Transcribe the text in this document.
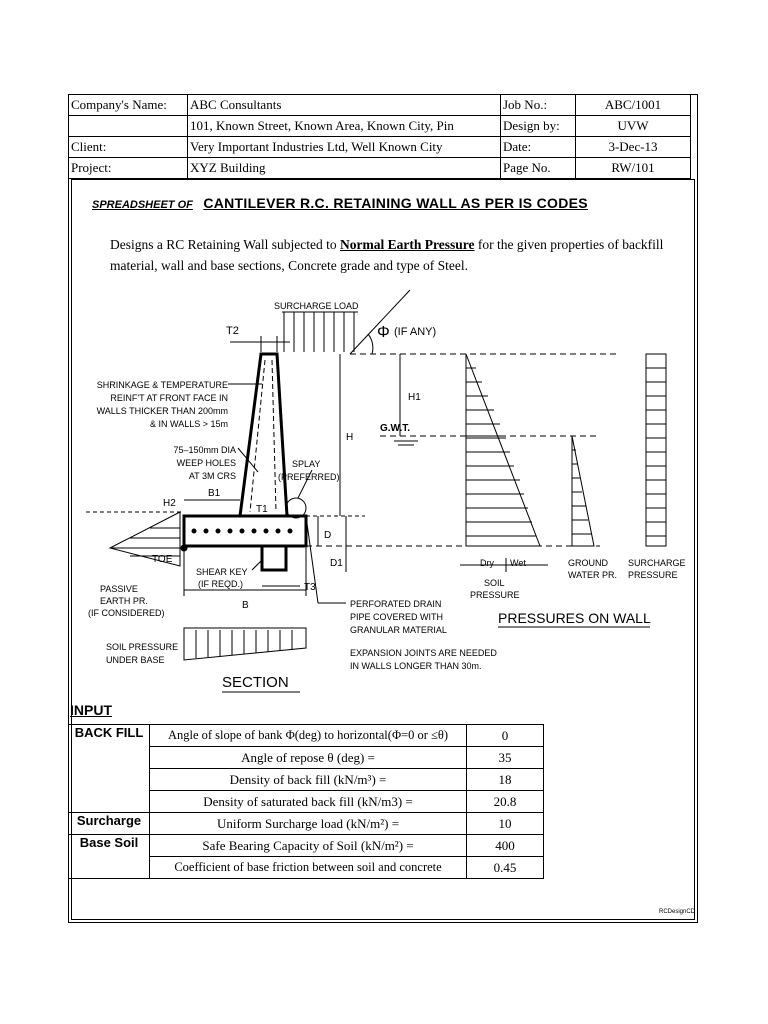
Company's Name:	ABC Consultants	Job No.:	ABC/1001
	101, Known Street, Known Area, Known City, Pin	Design by:	UVW
Client:	Very Important Industries Ltd, Well Known City	Date:	3-Dec-13
Project:	XYZ Building	Page No.	RW/101
SPREADSHEET OF CANTILEVER R.C. RETAINING WALL AS PER IS CODES
Designs a RC Retaining Wall subjected to Normal Earth Pressure for the given properties of backfill material, wall and base sections, Concrete grade and type of Steel.
SURCHARGE LOAD
Φ (IF ANY)
T2
H1
H
G.W.T.
SHRINKAGE & TEMPERATURE
REINF'T AT FRONT FACE IN
WALLS THICKER THAN 200mm
& IN WALLS > 15m
75–150mm DIA
WEEP HOLES
AT 3M CRS
SPLAY
(PREFERRED)
H2
B1
T1
D
D1
TOE
SHEAR KEY
(IF REQD.)	T3
PASSIVE
EARTH PR.
(IF CONSIDERED)
B
SOIL PRESSURE
UNDER BASE
SECTION
PERFORATED DRAIN
PIPE COVERED WITH
GRANULAR MATERIAL
EXPANSION JOINTS ARE NEEDED
IN WALLS LONGER THAN 30m.
Dry Wet
SOIL
PRESSURE
GROUND
WATER PR.
SURCHARGE
PRESSURE
PRESSURES ON WALL
INPUT
BACK FILL	Angle of slope of bank Φ(deg) to horizontal(Φ=0 or ≤θ)	0
	Angle of repose θ (deg) =	35
	Density of back fill (kN/m³) =	18
	Density of saturated back fill (kN/m3) =	20.8
Surcharge	Uniform Surcharge load (kN/m²) =	10
Base Soil	Safe Bearing Capacity of Soil (kN/m²) =	400
	Coefficient of base friction between soil and concrete	0.45
RCDesignCD
